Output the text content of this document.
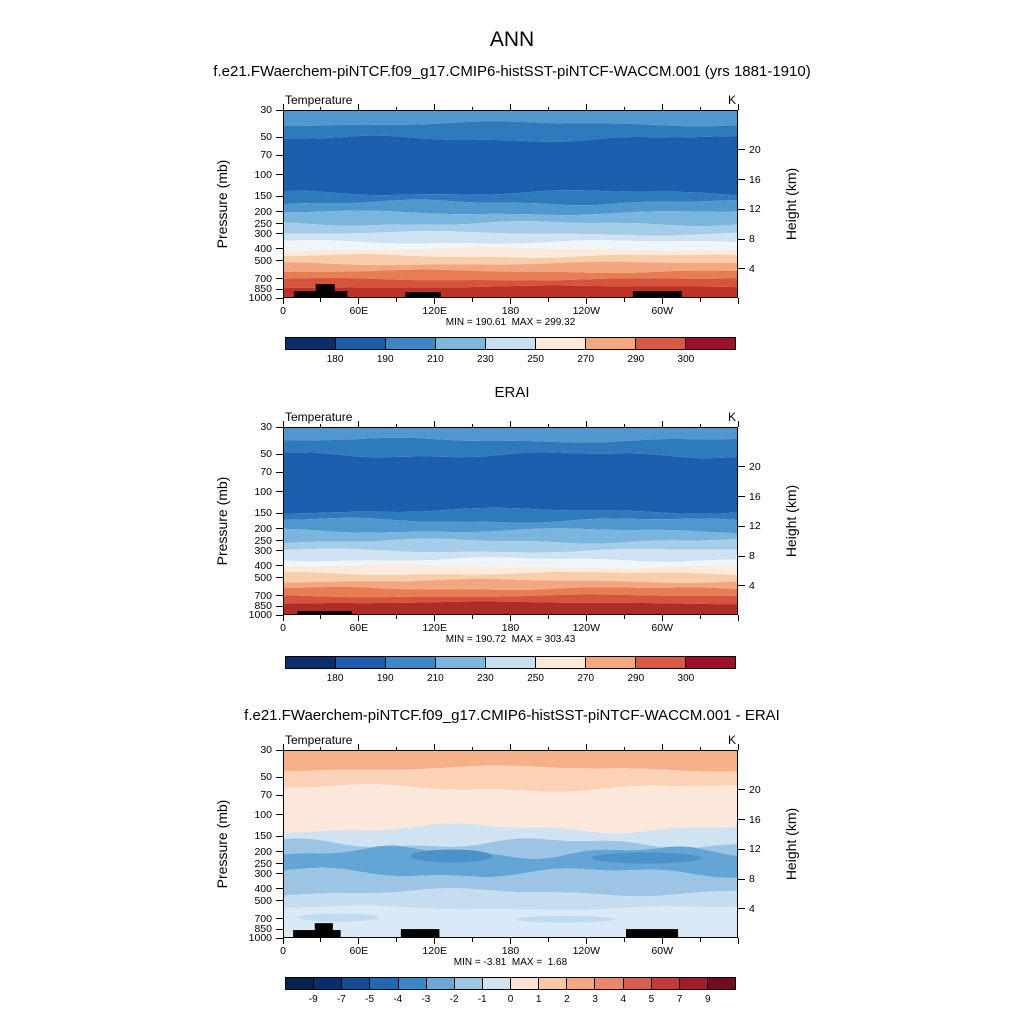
ANN
f.e21.FWaerchem-piNTCF.f09_g17.CMIP6-histSST-piNTCF-WACCM.001 (yrs 1881-1910)
Temperature	K
Pressure (mb)	Height (km)
MIN = 190.61  MAX = 299.32
ERAI
Temperature	K
Pressure (mb)	Height (km)
MIN = 190.72  MAX = 303.43
f.e21.FWaerchem-piNTCF.f09_g17.CMIP6-histSST-piNTCF-WACCM.001 - ERAI
Temperature	K
Pressure (mb)	Height (km)
MIN = -3.81  MAX =  1.68
30
50
70
100
150
200
250
300
400
500
700
850
1000
20
16
12
8
4
0	60E	120E	180	120W	60W
180	190	210	230	250	270	290	300
30
50
70
100
150
200
250
300
400
500
700
850
1000
20
16
12
8
4
0	60E	120E	180	120W	60W
180	190	210	230	250	270	290	300
30
50
70
100
150
200
250
300
400
500
700
850
1000
20
16
12
8
4
0	60E	120E	180	120W	60W
-9 -7 -5 -4 -3 -2 -1 0 1 2 3 4 5 7 9
